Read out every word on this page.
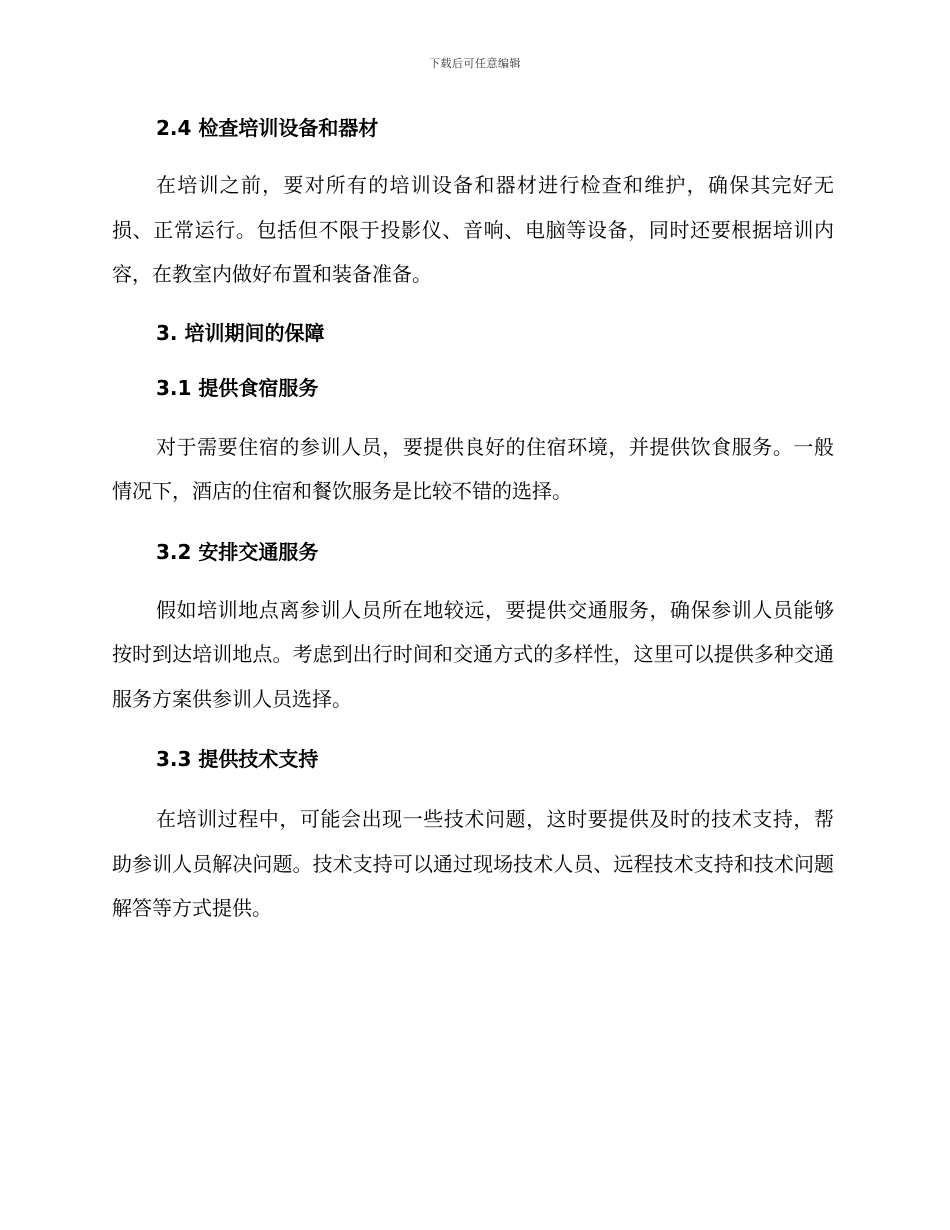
下载后可任意编辑
2.4 检查培训设备和器材

在培训之前，要对所有的培训设备和器材进行检查和维护，确保其完好无损、正常运行。包括但不限于投影仪、音响、电脑等设备，同时还要根据培训内容，在教室内做好布置和装备准备。

3. 培训期间的保障
3.1 提供食宿服务

对于需要住宿的参训人员，要提供良好的住宿环境，并提供饮食服务。一般情况下，酒店的住宿和餐饮服务是比较不错的选择。

3.2 安排交通服务

假如培训地点离参训人员所在地较远，要提供交通服务，确保参训人员能够按时到达培训地点。考虑到出行时间和交通方式的多样性，这里可以提供多种交通服务方案供参训人员选择。

3.3 提供技术支持

在培训过程中，可能会出现一些技术问题，这时要提供及时的技术支持，帮助参训人员解决问题。技术支持可以通过现场技术人员、远程技术支持和技术问题解答等方式提供。
